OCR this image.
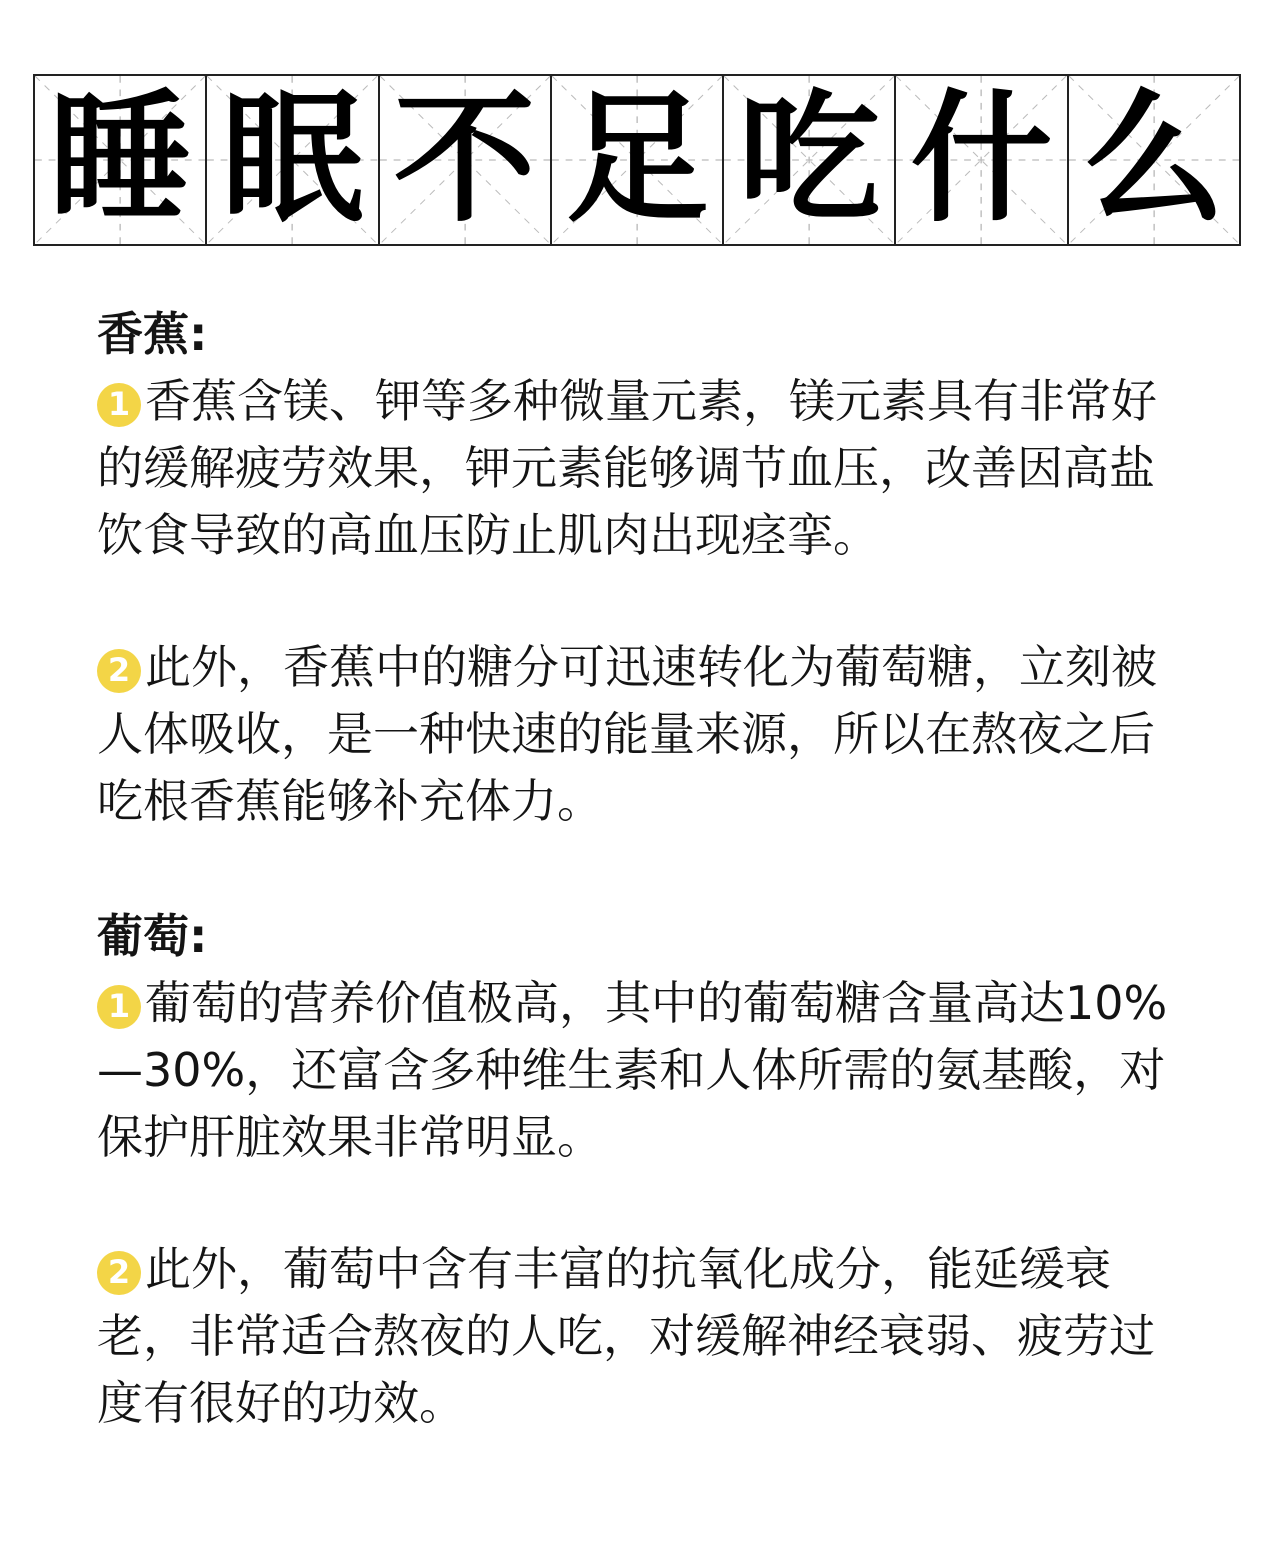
睡 眠 不 足 吃 什 么
香蕉:

1 香蕉含镁、钾等多种微量元素，镁元素具有非常好的缓解疲劳效果，钾元素能够调节血压，改善因高盐饮食导致的高血压防止肌肉出现痉挛。

2 此外，香蕉中的糖分可迅速转化为葡萄糖，立刻被人体吸收，是一种快速的能量来源，所以在熬夜之后吃根香蕉能够补充体力。

葡萄:

1 葡萄的营养价值极高，其中的葡萄糖含量高达10%—30%，还富含多种维生素和人体所需的氨基酸，对保护肝脏效果非常明显。

2 此外，葡萄中含有丰富的抗氧化成分，能延缓衰老，非常适合熬夜的人吃，对缓解神经衰弱、疲劳过度有很好的功效。
